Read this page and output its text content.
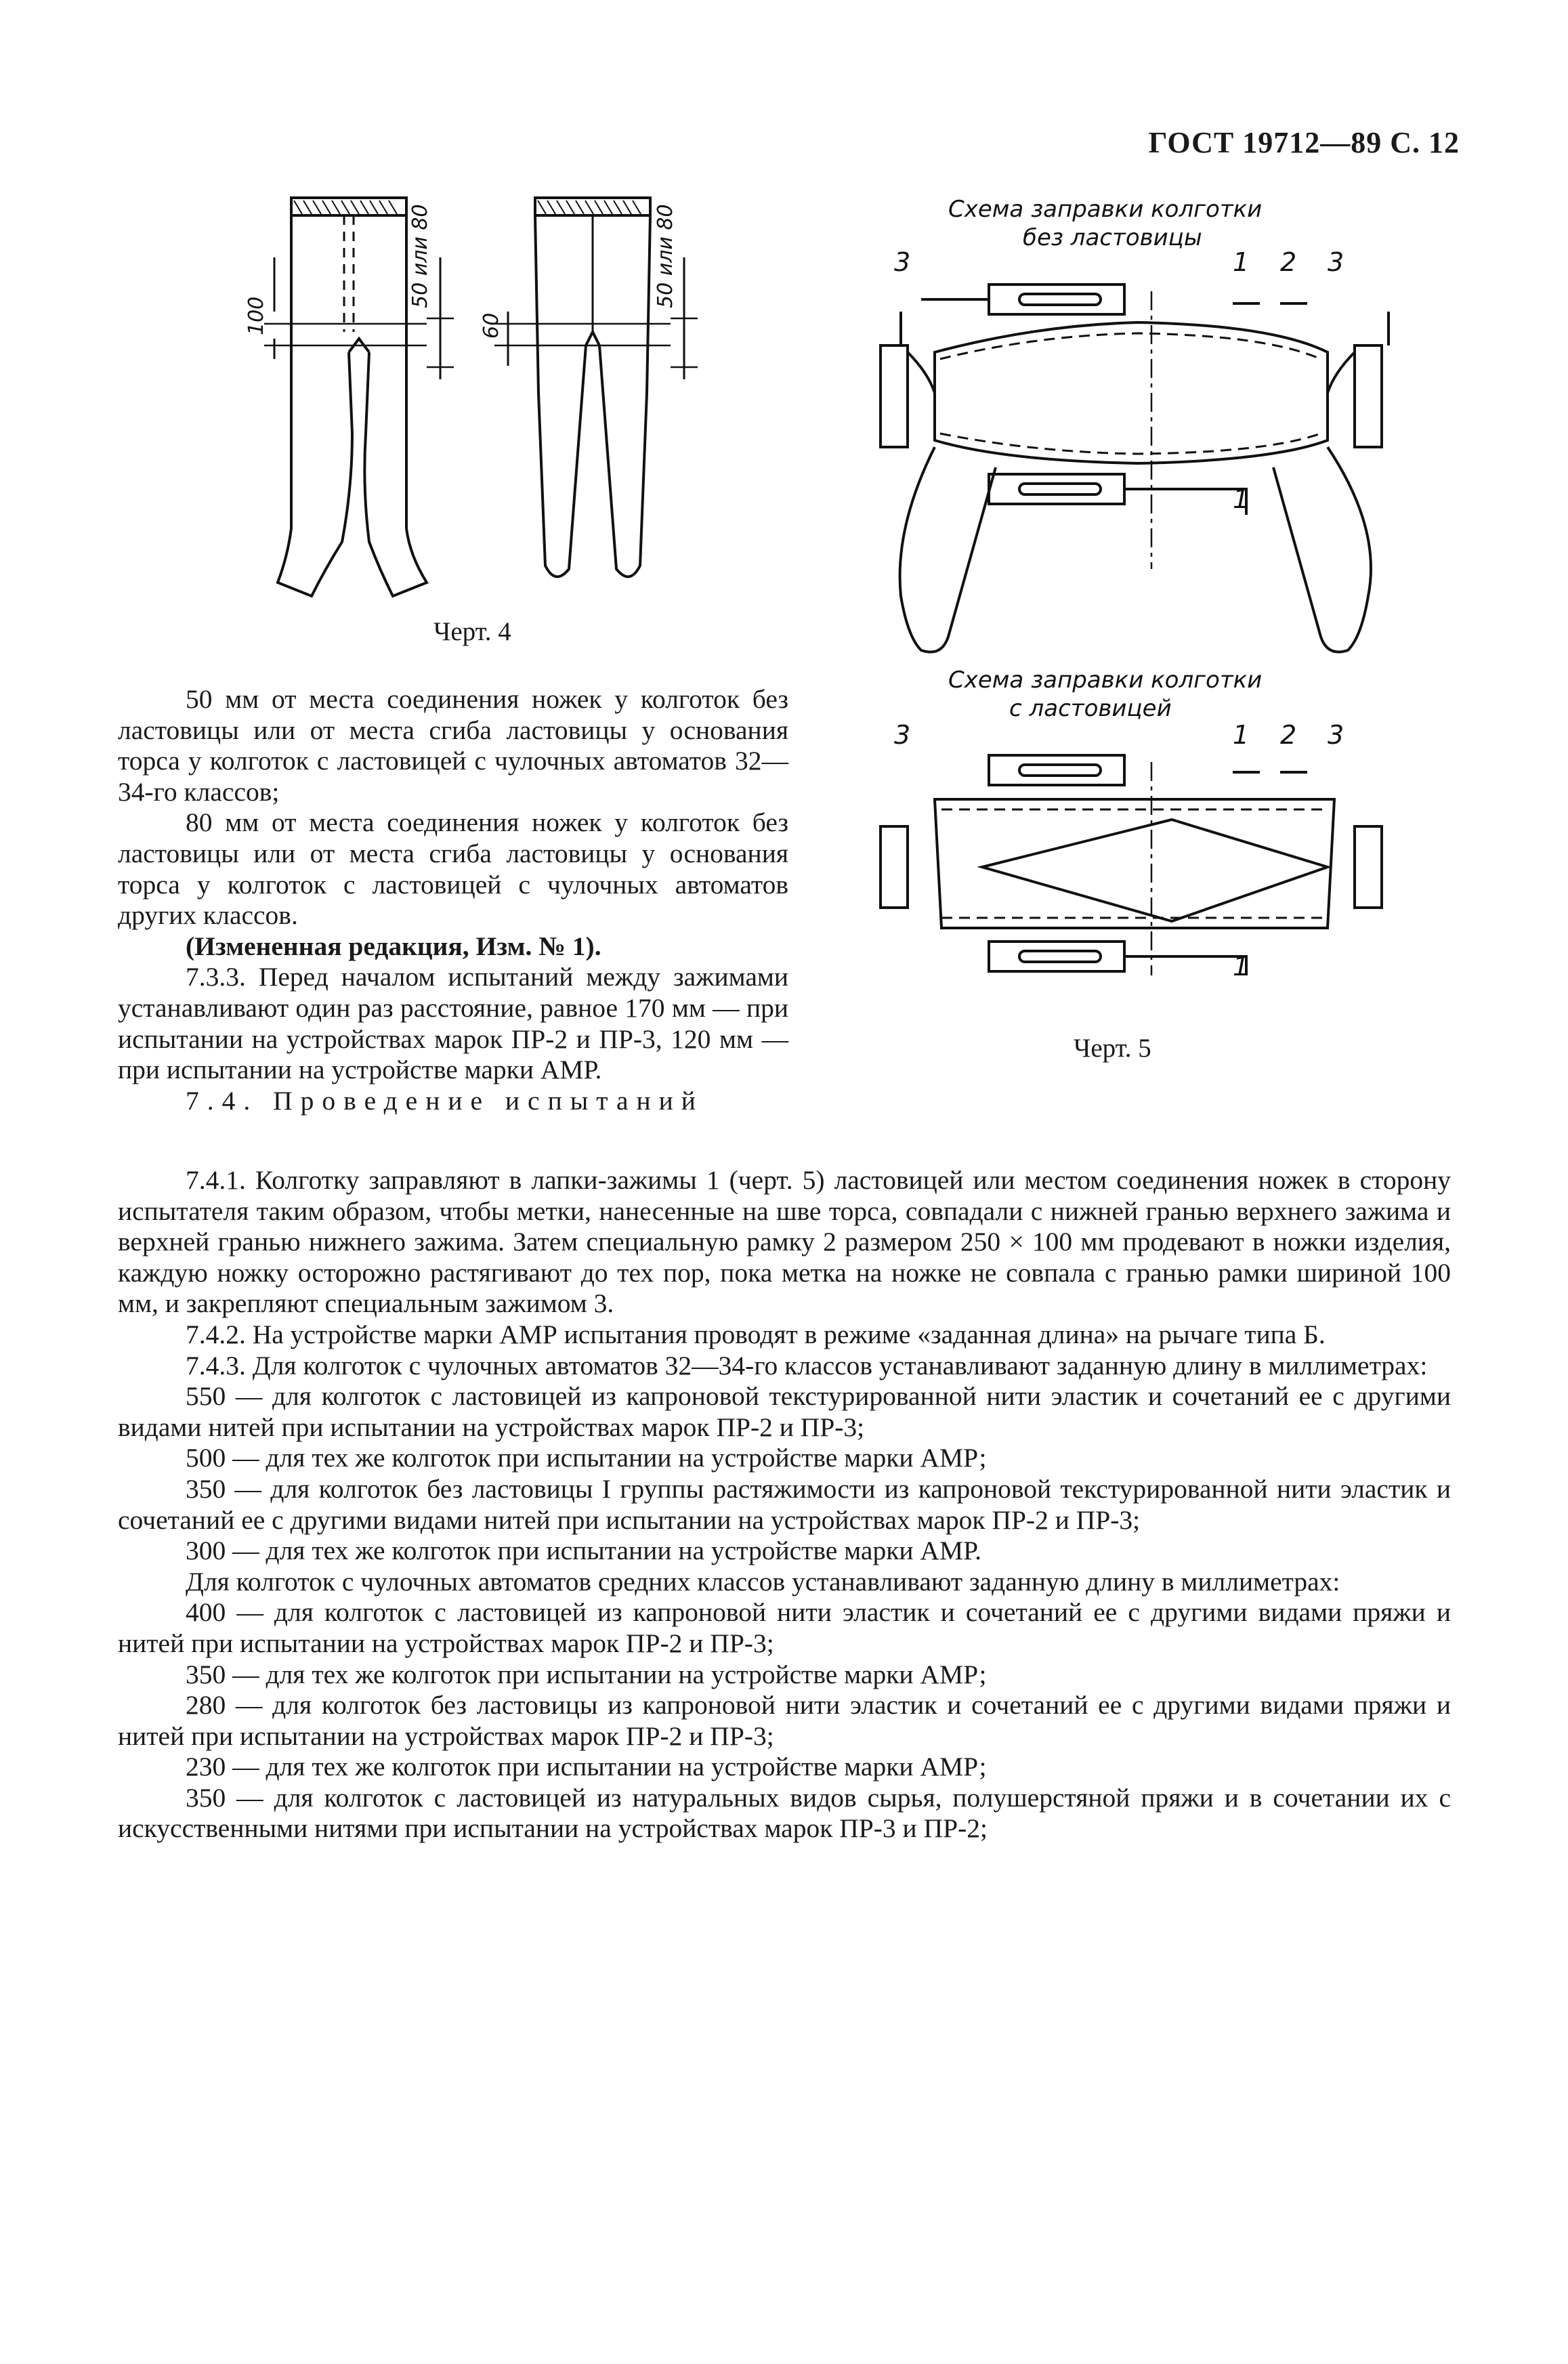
ГОСТ 19712—89 С. 12
50 или 80
100	60
50 или 80
Черт. 4
Схема заправки колготки
без ластовицы
3	1 2 3
1
Схема заправки колготки
с ластовицей
3	1 2 3
1
Черт. 5

50 мм от места соединения ножек у колготок без ластовицы или от места сгиба ластовицы у основания торса у колготок с ластовицей с чулочных автоматов 32—34-го классов;

80 мм от места соединения ножек у колготок без ластовицы или от места сгиба ластовицы у основания торса у колготок с ластовицей с чулочных автоматов других классов.

(Измененная редакция, Изм. № 1).

7.3.3. Перед началом испытаний между зажимами устанавливают один раз расстояние, равное 170 мм — при испытании на устройствах марок ПР-2 и ПР-3, 120 мм — при испытании на устройстве марки АМР.

7.4. Проведение испытаний

7.4.1. Колготку заправляют в лапки-зажимы 1 (черт. 5) ластовицей или местом соединения ножек в сторону испытателя таким образом, чтобы метки, нанесенные на шве торса, совпадали с нижней гранью верхнего зажима и верхней гранью нижнего зажима. Затем специальную рамку 2 размером 250 × 100 мм продевают в ножки изделия, каждую ножку осторожно растягивают до тех пор, пока метка на ножке не совпала с гранью рамки шириной 100 мм, и закрепляют специальным зажимом 3.

7.4.2. На устройстве марки АМР испытания проводят в режиме «заданная длина» на рычаге типа Б.

7.4.3. Для колготок с чулочных автоматов 32—34-го классов устанавливают заданную длину в миллиметрах:

550 — для колготок с ластовицей из капроновой текстурированной нити эластик и сочетаний ее с другими видами нитей при испытании на устройствах марок ПР-2 и ПР-3;

500 — для тех же колготок при испытании на устройстве марки АМР;

350 — для колготок без ластовицы I группы растяжимости из капроновой текстурированной нити эластик и сочетаний ее с другими видами нитей при испытании на устройствах марок ПР-2 и ПР-3;

300 — для тех же колготок при испытании на устройстве марки АМР.

Для колготок с чулочных автоматов средних классов устанавливают заданную длину в миллиметрах:

400 — для колготок с ластовицей из капроновой нити эластик и сочетаний ее с другими видами пряжи и нитей при испытании на устройствах марок ПР-2 и ПР-3;

350 — для тех же колготок при испытании на устройстве марки АМР;

280 — для колготок без ластовицы из капроновой нити эластик и сочетаний ее с другими видами пряжи и нитей при испытании на устройствах марок ПР-2 и ПР-3;

230 — для тех же колготок при испытании на устройстве марки АМР;

350 — для колготок с ластовицей из натуральных видов сырья, полушерстяной пряжи и в сочетании их с искусственными нитями при испытании на устройствах марок ПР-3 и ПР-2;
